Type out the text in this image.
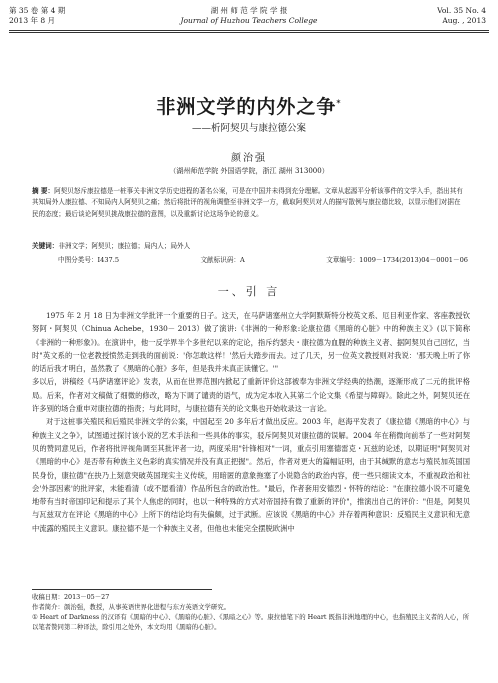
第 35 卷 第 4 期
2013 年 8 月
湖 州 师 范 学 院 学 报
Journal of Huzhou Teachers College
Vol. 35 No. 4
Aug. , 2013
非洲文学的内外之争*
——析阿契贝与康拉德公案
颜治强
（湖州师范学院 外国语学院，浙江 湖州 313000）

摘 要：阿契贝怒斥康拉德是一桩事关非洲文学历史进程的著名公案，可是在中国并未得到充分理解。文章从起源平分析该事件的文学入手，指出其有其知局外人康拉德、不知局内人阿契贝之痛；然后将批评的视角调整至非洲文学一方，截取阿契贝对人的描写散例与康拉德比较，以显示他们对据在民的态度；最后谈论阿契贝挑战康拉德的意图，以及重新讨论这场争论的意义。

关键词：非洲文学；阿契贝；康拉德；局内人；局外人
中图分类号：I437.5	文献标识码：A	文章编号：1009－1734(2013)04－0001－06
一、引 言

1975 年 2 月 18 日为非洲文学批评一个重要的日子。这天，在马萨诸塞州立大学阿默斯特分校英文系、厄目利亚作家、客座教授钦努阿・阿契贝（Chinua Achebe，1930－ 2013）做了演讲:《非洲的一种形象:论康拉德《黑暗的心脏》中的种族主义》(以下简称《非洲的一种形象》)。在演讲中，他一反学界半个多世纪以来的定论，指斥约瑟夫・康拉德为血腥的种族主义者、据阿契贝自己回忆，当时"英文系的一位老教授愤然走到我的面前说：'你怎敢这样！'然后大踏步而去。过了几天，另一位英文教授则对我说：'那天晚上听了你的话后我才明白，虽然教了《黑暗的心脏》多年，但是我并未真正读懂它。'"

多以后，讲稿经《马萨诸塞评论》发表，从而在世界范围内掀起了重新评价这部被奉为非洲文学经典的热潮，逐渐形成了二元的批评格局。后来，作者对文稿做了细微的修改，略为下调了谴责的语气，成为定本收入其第二个论文集《希望与障碍》。除此之外，阿契贝还在许多别的场合重申对康拉德的指责；与此同时，与康拉德有关的论文集也开始收录这一言论。

对于这桩事关殖民和后殖民非洲文学的公案，中国起至 20 多年后才做出反应。2003 年，赵海平发表了《康拉德《黑暗的中心》与种族主义之争》，试图通过探讨该小说的艺术手法和一些具体的事实，驳斥阿契贝对康拉德的误解。2004 年在稍微向前举了一些对阿契贝的赞同意见后，作者将批评视角调至其批评者一边，两度采用"针锋相对"一词，重点引用塞德雷克・瓦兹的论述，以期证明"阿契贝对《黑暗的中心》是否带有种族主义色彩的真实情况并没有真正把握"。然后，作者对更大的篇幅证明，由于其缄默的意志与殖民加英国国民身份，康拉德"在抉乃上刻意突破英国现实主义传统，用暗匿的意象拖塞了小说隐含的政治内容，使一些只细读文本，不重视政治和社会'外部因素'的批评家，未能看清（或不愿看清）作品所包含的政治性。"最后，作者套用安德烈・怀特的结论："在康拉德小说不可避免地带有当时帝国印记和提示了其个人焦虑的同时，也以一种特殊的方式对帝国持有微了重新的评价"，推演出自己的评价："但是，阿契贝与瓦兹双方在评论《黑暗的中心》上所下的结论均有失偏颇，过于武断。应该说《黑暗的中心》并存着两种意识：反殖民主义意识和无意中流露的殖民主义意识。康拉德不是一个种族主义者，但他也未能完全摆脱欧洲中

收稿日期：2013－05－27

作者简介：颜治强，教授，从事英语世界化进程与东方英语文学研究。

① Heart of Darkness 的汉译有《黑暗的中心》、《黑暗的心脏》、《黑暗之心》等。康拉德笔下的 Heart 既指非洲地理的中心，也指殖民主义者的人心，所以笔者赞同第二种译法，除引用之处外，本文均用《黑暗的心脏》。
